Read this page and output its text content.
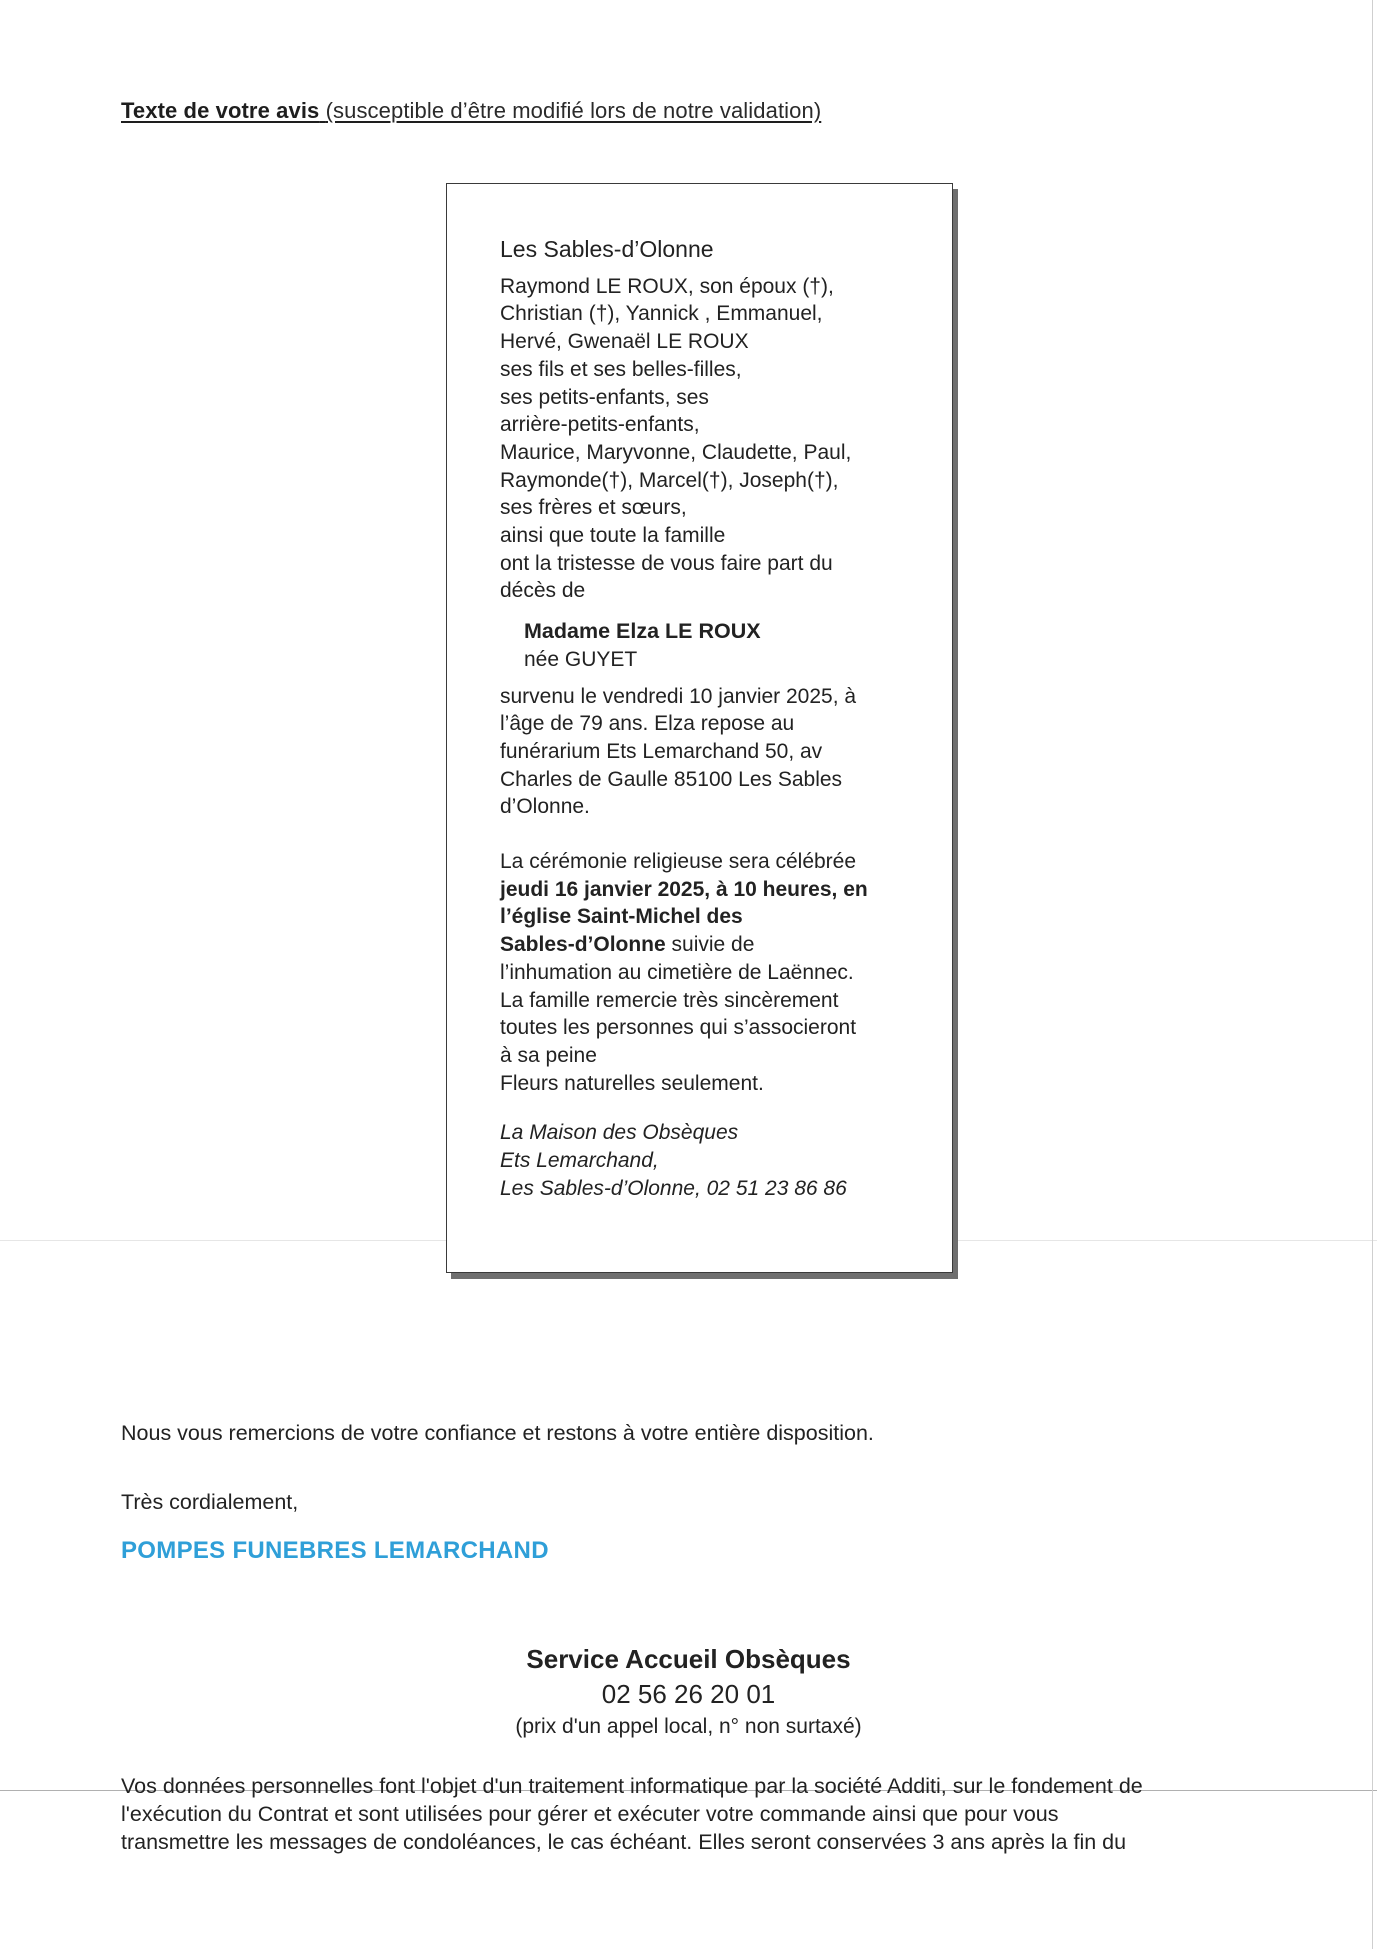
Texte de votre avis (susceptible d’être modifié lors de notre validation)
Les Sables-d’Olonne
Raymond LE ROUX, son époux (†),
Christian (†), Yannick , Emmanuel,
Hervé, Gwenaël LE ROUX
ses fils et ses belles-filles,
ses petits-enfants, ses
arrière-petits-enfants,
Maurice, Maryvonne, Claudette, Paul,
Raymonde(†), Marcel(†), Joseph(†),
ses frères et sœurs,
ainsi que toute la famille
ont la tristesse de vous faire part du
décès de
Madame Elza LE ROUX
née GUYET
survenu le vendredi 10 janvier 2025, à
l’âge de 79 ans. Elza repose au
funérarium Ets Lemarchand 50, av
Charles de Gaulle 85100 Les Sables
d’Olonne.
La cérémonie religieuse sera célébrée
jeudi 16 janvier 2025, à 10 heures, en
l’église Saint-Michel des
Sables-d’Olonne suivie de
l’inhumation au cimetière de Laënnec.
La famille remercie très sincèrement
toutes les personnes qui s’associeront
à sa peine
Fleurs naturelles seulement.
La Maison des Obsèques
Ets Lemarchand,
Les Sables-d’Olonne, 02 51 23 86 86
Nous vous remercions de votre confiance et restons à votre entière disposition.
Très cordialement,
POMPES FUNEBRES LEMARCHAND
Service Accueil Obsèques
02 56 26 20 01
(prix d'un appel local, n° non surtaxé)
Vos données personnelles font l'objet d'un traitement informatique par la société Additi, sur le fondement de
l'exécution du Contrat et sont utilisées pour gérer et exécuter votre commande ainsi que pour vous
transmettre les messages de condoléances, le cas échéant. Elles seront conservées 3 ans après la fin du
